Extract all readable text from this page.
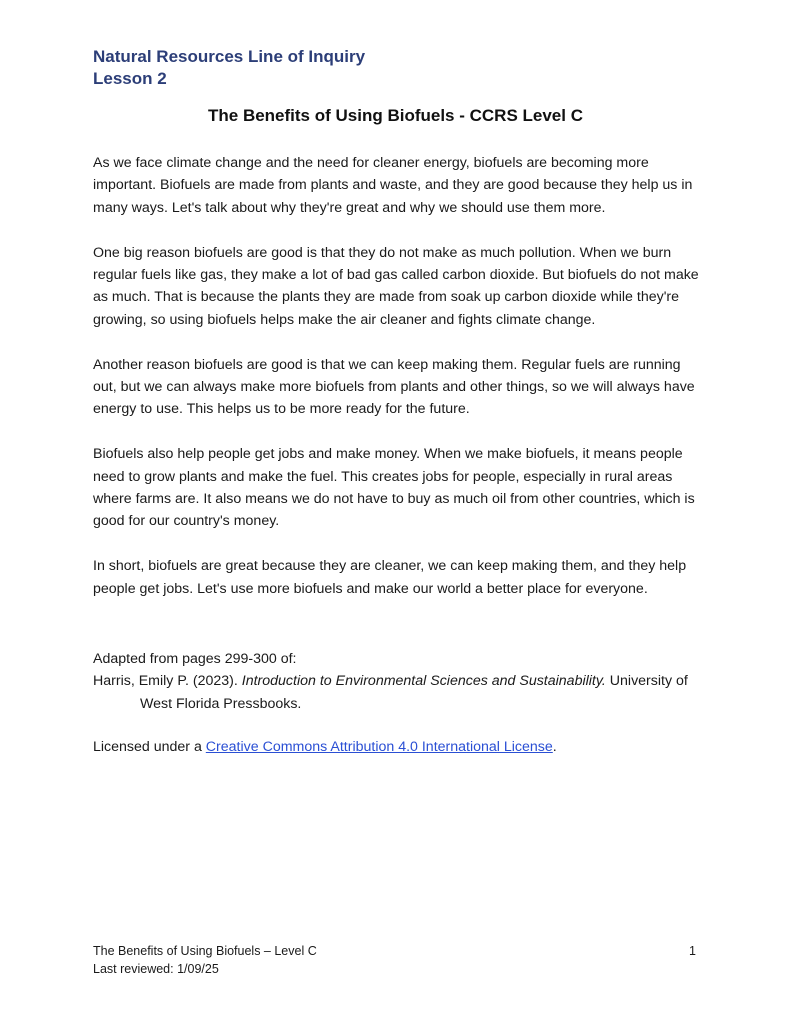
Natural Resources Line of Inquiry
Lesson 2
The Benefits of Using Biofuels - CCRS Level C

As we face climate change and the need for cleaner energy, biofuels are becoming more important. Biofuels are made from plants and waste, and they are good because they help us in many ways. Let's talk about why they're great and why we should use them more.

One big reason biofuels are good is that they do not make as much pollution. When we burn regular fuels like gas, they make a lot of bad gas called carbon dioxide. But biofuels do not make as much. That is because the plants they are made from soak up carbon dioxide while they're growing, so using biofuels helps make the air cleaner and fights climate change.

Another reason biofuels are good is that we can keep making them. Regular fuels are running out, but we can always make more biofuels from plants and other things, so we will always have energy to use. This helps us to be more ready for the future.

Biofuels also help people get jobs and make money. When we make biofuels, it means people need to grow plants and make the fuel. This creates jobs for people, especially in rural areas where farms are. It also means we do not have to buy as much oil from other countries, which is good for our country's money.

In short, biofuels are great because they are cleaner, we can keep making them, and they help people get jobs. Let's use more biofuels and make our world a better place for everyone.

Adapted from pages 299-300 of:

Harris, Emily P. (2023). Introduction to Environmental Sciences and Sustainability. University of West Florida Pressbooks.

Licensed under a Creative Commons Attribution 4.0 International License.
The Benefits of Using Biofuels – Level C
Last reviewed: 1/09/25
1
